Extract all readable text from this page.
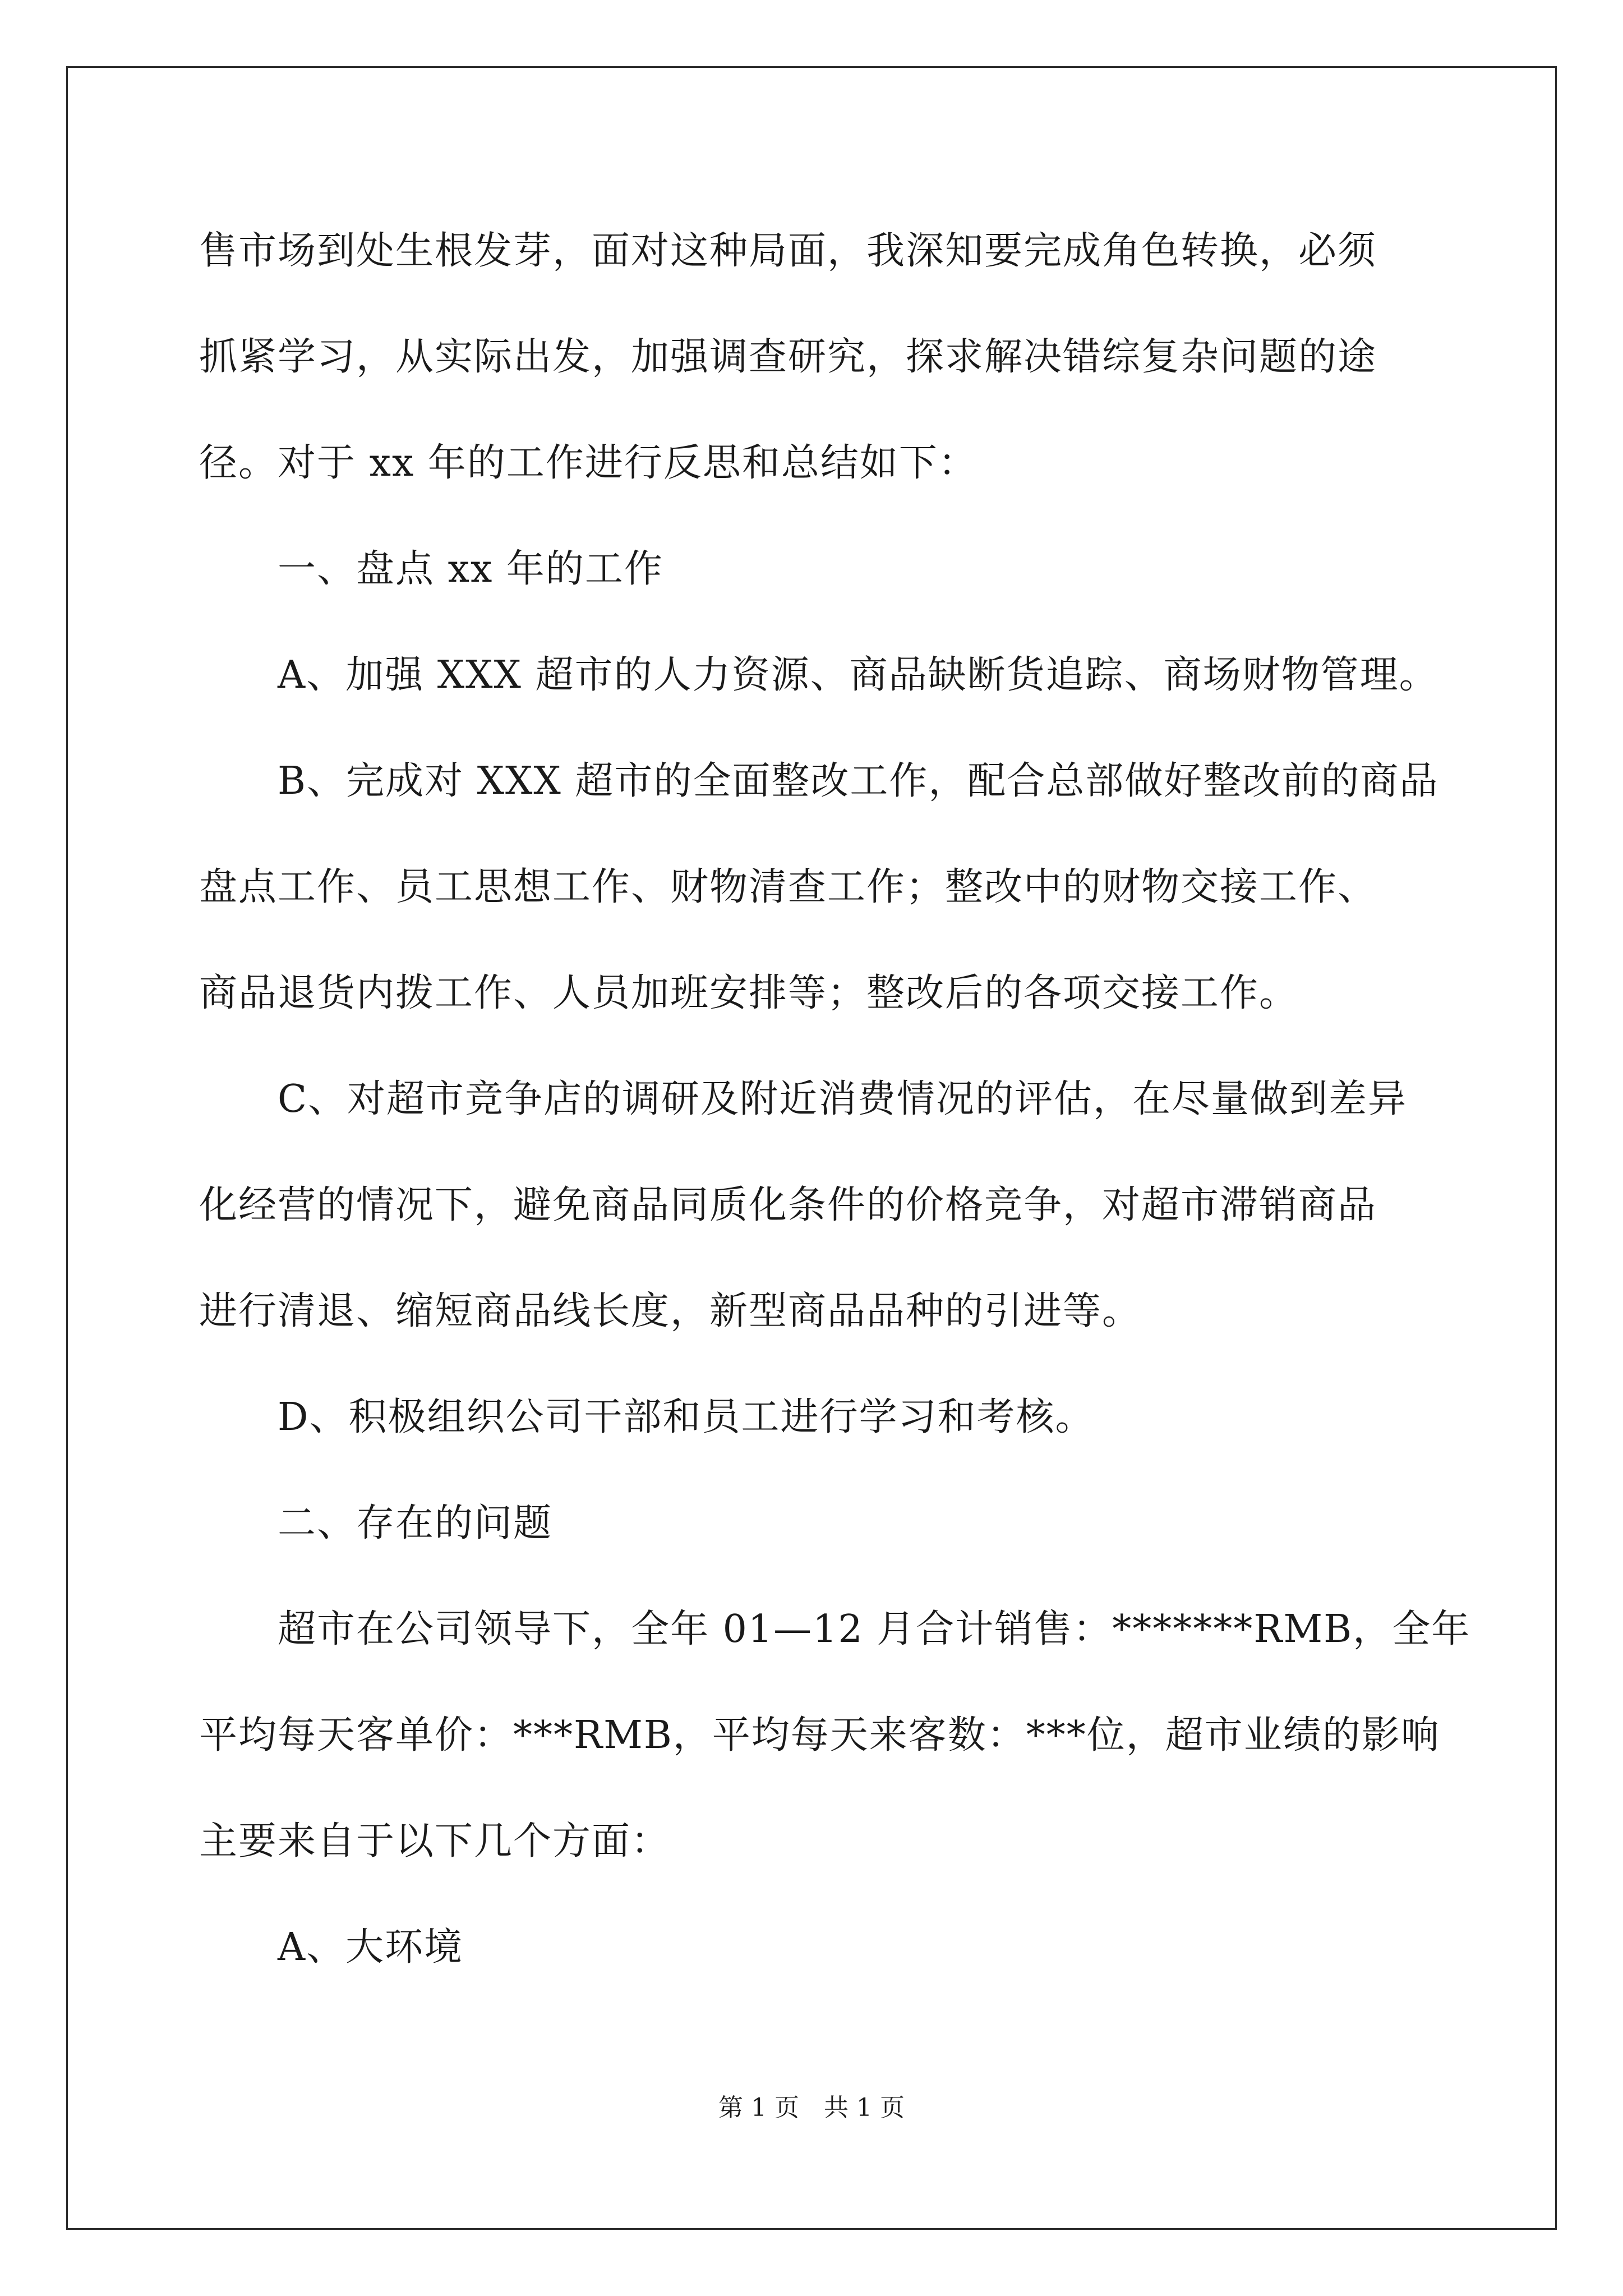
售市场到处生根发芽，面对这种局面，我深知要完成角色转换，必须
抓紧学习，从实际出发，加强调查研究，探求解决错综复杂问题的途
径。对于 xx 年的工作进行反思和总结如下：
一、盘点 xx 年的工作
A、加强 XXX 超市的人力资源、商品缺断货追踪、商场财物管理。
B、完成对 XXX 超市的全面整改工作，配合总部做好整改前的商品
盘点工作、员工思想工作、财物清查工作；整改中的财物交接工作、
商品退货内拨工作、人员加班安排等；整改后的各项交接工作。
C、对超市竞争店的调研及附近消费情况的评估，在尽量做到差异
化经营的情况下，避免商品同质化条件的价格竞争，对超市滞销商品
进行清退、缩短商品线长度，新型商品品种的引进等。
D、积极组织公司干部和员工进行学习和考核。
二、存在的问题
超市在公司领导下，全年 01—12 月合计销售：*******RMB，全年
平均每天客单价：***RMB，平均每天来客数：***位，超市业绩的影响
主要来自于以下几个方面：
A、大环境
第 1 页　共 1 页
